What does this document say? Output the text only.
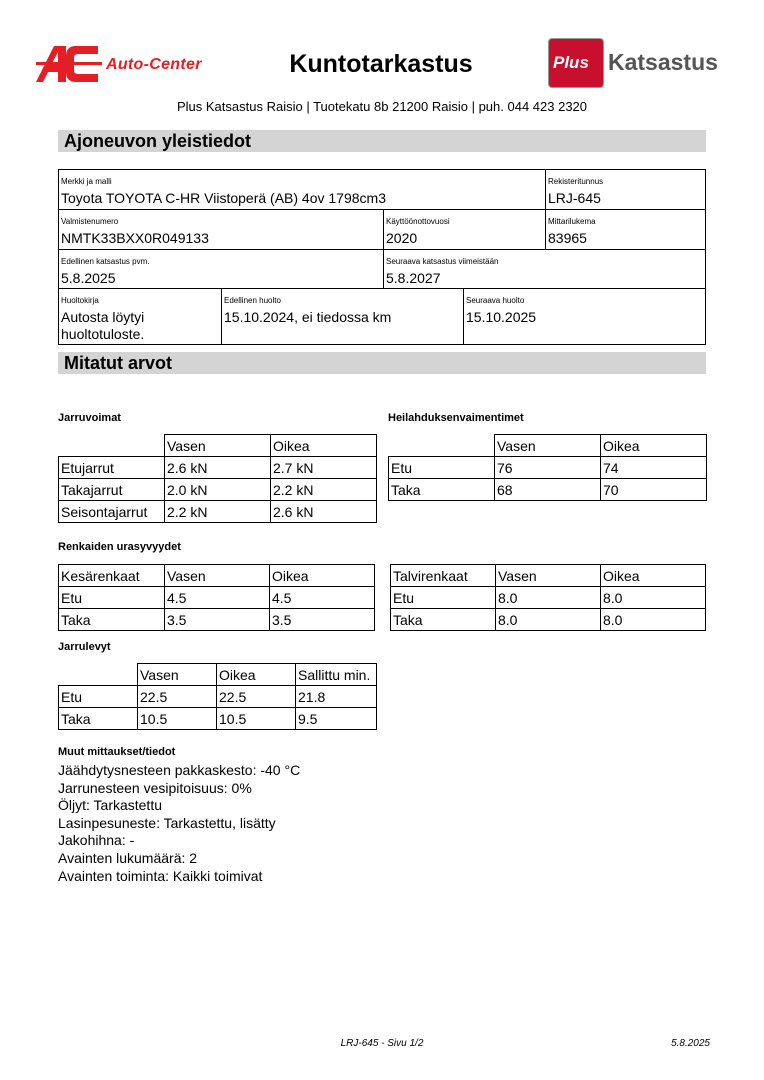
Auto-Center	Kuntotarkastus	Plus Katsastus
Plus Katsastus Raisio | Tuotekatu 8b 21200 Raisio | puh. 044 423 2320
Ajoneuvon yleistiedot
Merkki ja malli
Toyota TOYOTA C-HR Viistoperä (AB) 4ov 1798cm3
Rekisteritunnus
LRJ-645
Valmistenumero
NMTK33BXX0R049133
Käyttöönottovuosi
2020
Mittarilukema
83965
Edellinen katsastus pvm.
5.8.2025
Seuraava katsastus viimeistään
5.8.2027
Huoltokirja
Autosta löytyi huoltotuloste.
Edellinen huolto
15.10.2024, ei tiedossa km
Seuraava huolto
15.10.2025
Mitatut arvot
Jarruvoimat
	Vasen	Oikea
Etujarrut	2.6 kN	2.7 kN
Takajarrut	2.0 kN	2.2 kN
Seisontajarrut	2.2 kN	2.6 kN
Heilahduksenvaimentimet
	Vasen	Oikea
Etu	76	74
Taka	68	70
Renkaiden urasyvyydet
Kesärenkaat	Vasen	Oikea
Etu	4.5	4.5
Taka	3.5	3.5
Talvirenkaat	Vasen	Oikea
Etu	8.0	8.0
Taka	8.0	8.0
Jarrulevyt
	Vasen	Oikea	Sallittu min.
Etu	22.5	22.5	21.8
Taka	10.5	10.5	9.5
Muut mittaukset/tiedot
Jäähdytysnesteen pakkaskesto: -40 °C
Jarrunesteen vesipitoisuus: 0%
Öljyt: Tarkastettu
Lasinpesuneste: Tarkastettu, lisätty
Jakohihna: -
Avainten lukumäärä: 2
Avainten toiminta: Kaikki toimivat
LRJ-645 - Sivu 1/2	5.8.2025
